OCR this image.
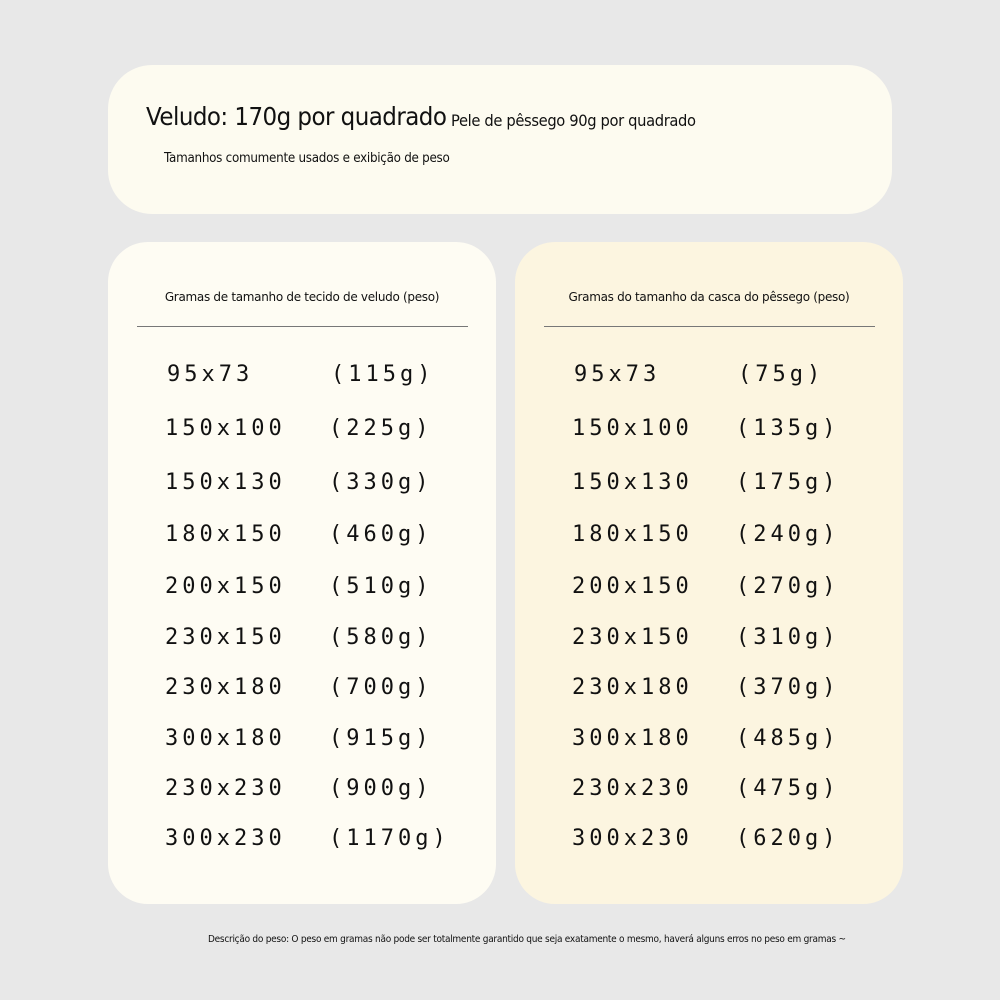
Veludo: 170g por quadrado Pele de pêssego 90g por quadrado
Tamanhos comumente usados ​​e exibição de peso
Gramas de tamanho de tecido de veludo (peso)
95x73	(115g)
150x100 (225g)
150x130 (330g)
180x150 (460g)
200x150 (510g)
230x150 (580g)
230x180 (700g)
300x180 (915g)
230x230 (900g)
300x230 (1170g)
Gramas do tamanho da casca do pêssego (peso)
95x73	(75g)
150x100 (135g)
150x130 (175g)
180x150 (240g)
200x150 (270g)
230x150 (310g)
230x180 (370g)
300x180 (485g)
230x230 (475g)
300x230 (620g)
Descrição do peso: O peso em gramas não pode ser totalmente garantido que seja exatamente o mesmo, haverá alguns erros no peso em gramas ~
